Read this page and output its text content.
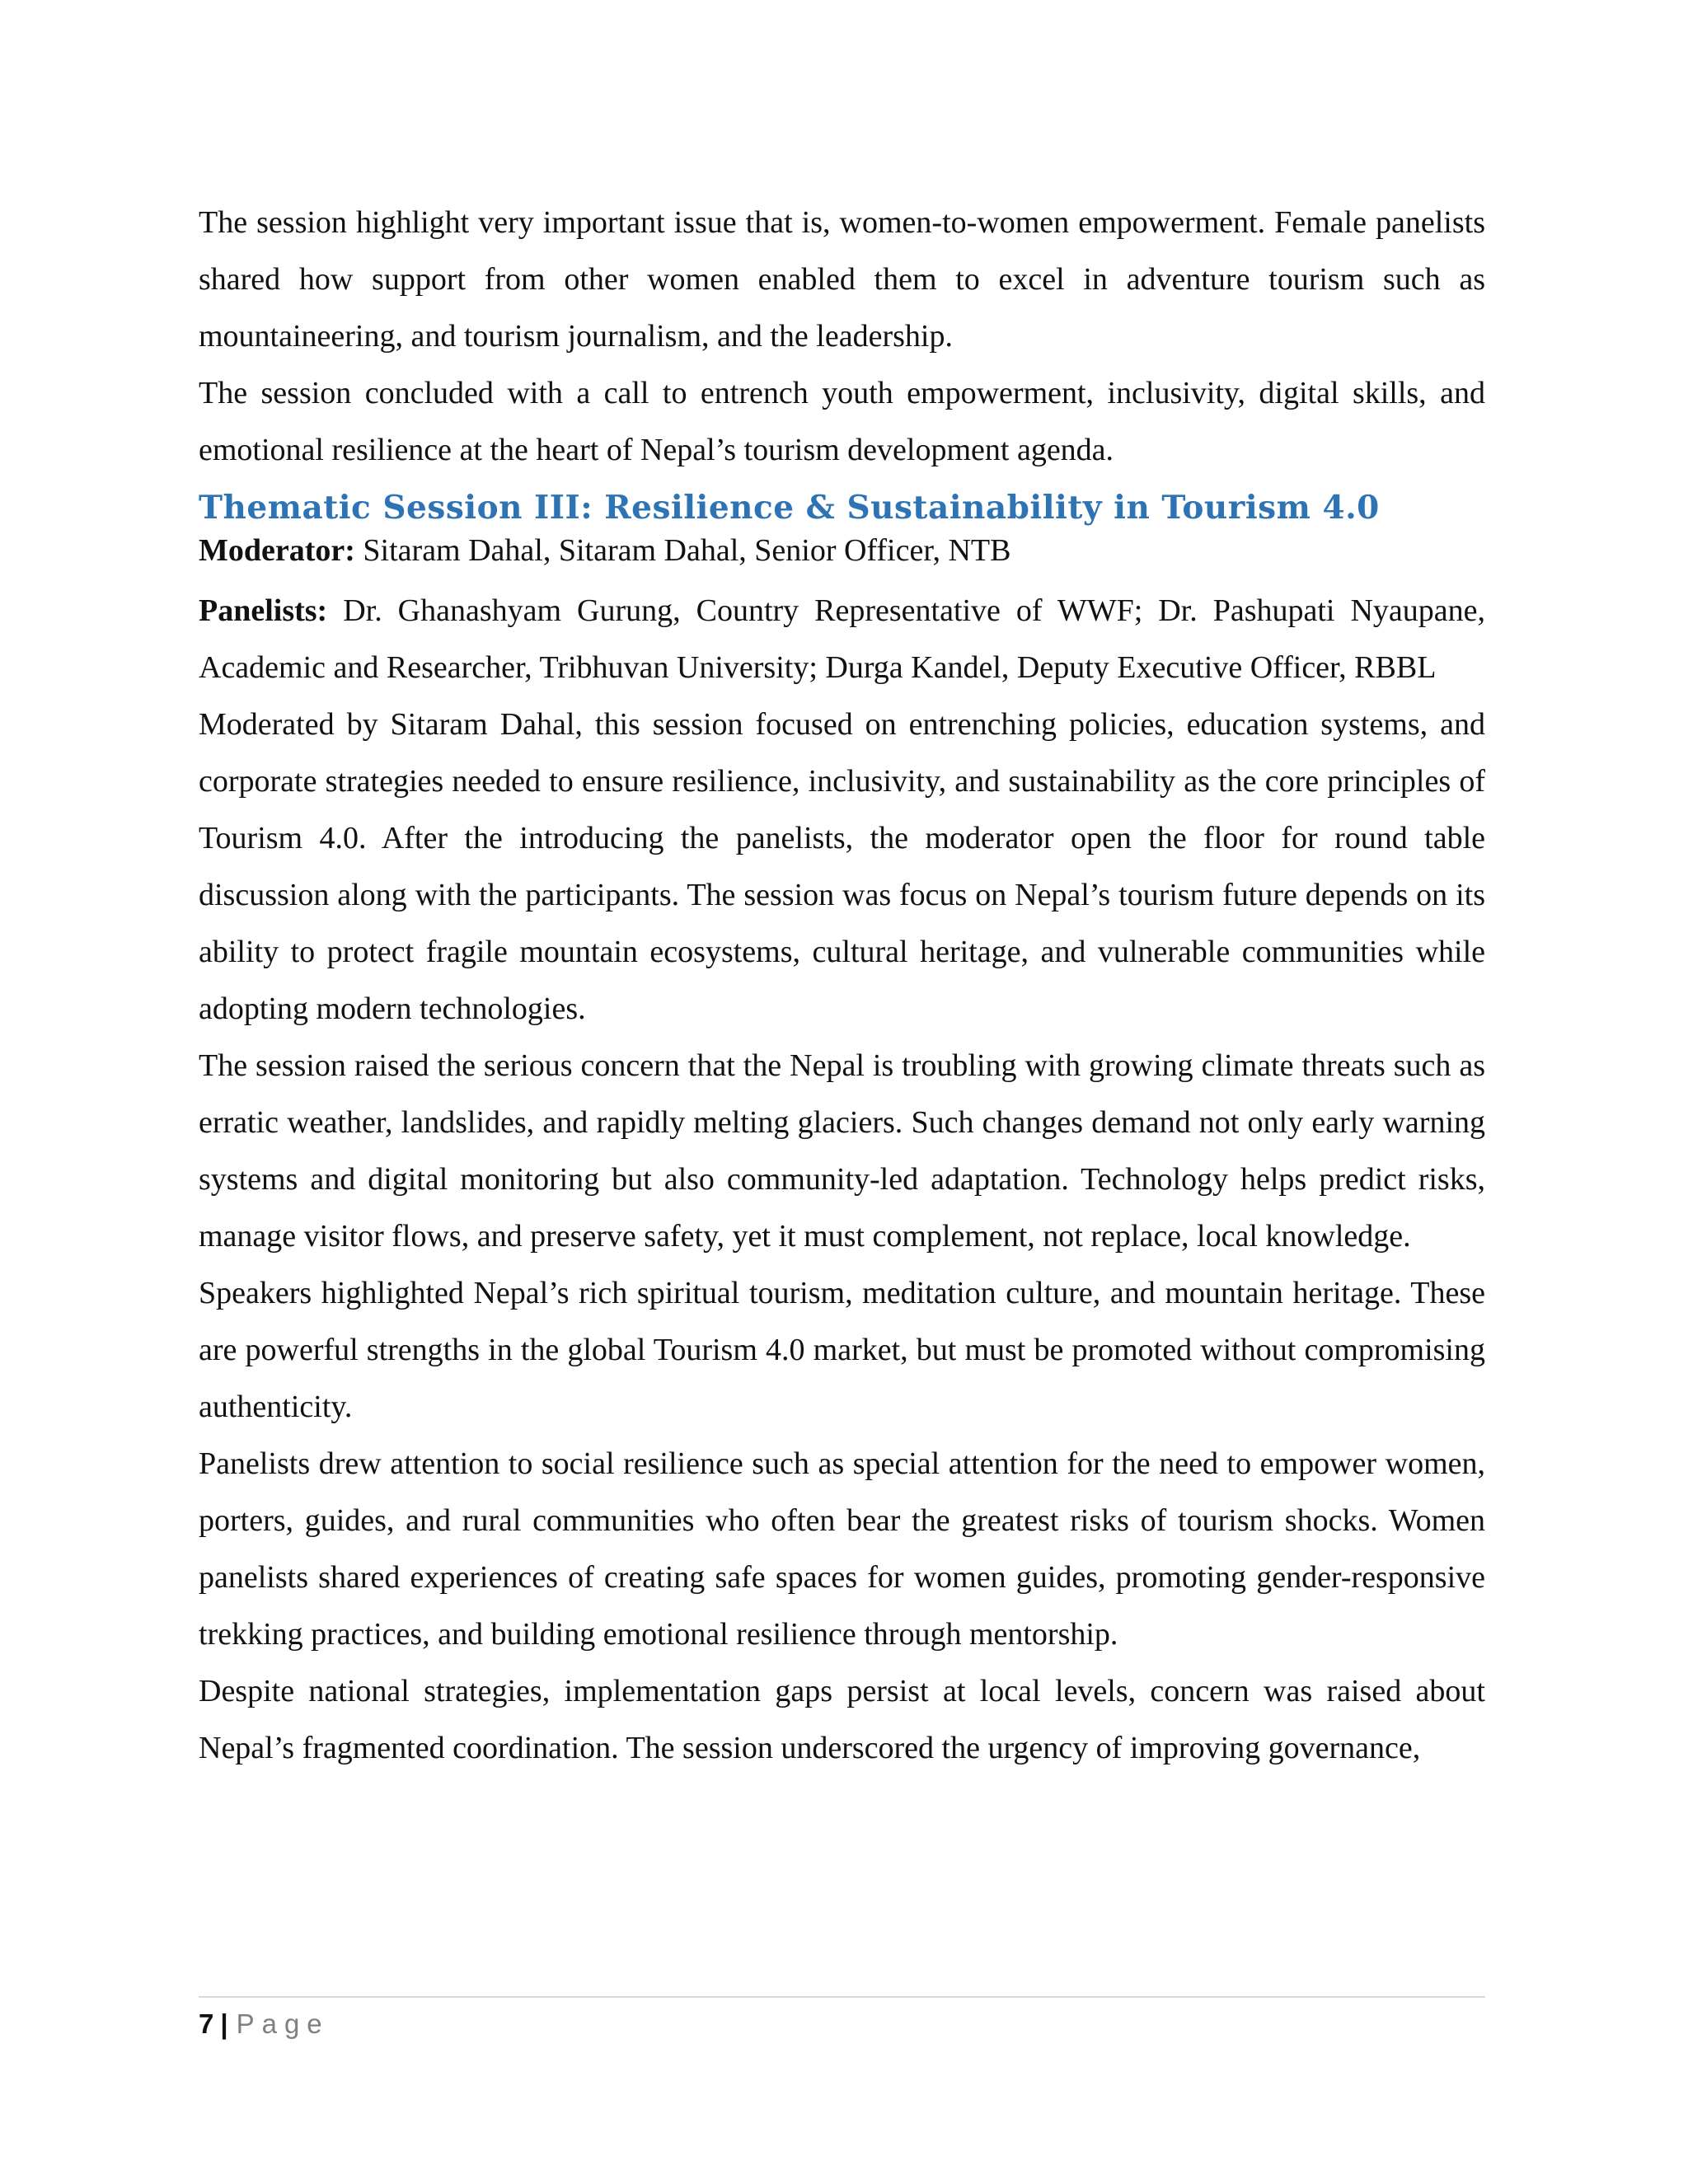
The session highlight very important issue that is, women-to-women empowerment. Female panelists shared how support from other women enabled them to excel in adventure tourism such as mountaineering, and tourism journalism, and the leadership.

The session concluded with a call to entrench youth empowerment, inclusivity, digital skills, and emotional resilience at the heart of Nepal’s tourism development agenda.

Thematic Session III: Resilience & Sustainability in Tourism 4.0

Moderator: Sitaram Dahal, Sitaram Dahal, Senior Officer, NTB

Panelists: Dr. Ghanashyam Gurung, Country Representative of WWF; Dr. Pashupati Nyaupane, Academic and Researcher, Tribhuvan University; Durga Kandel, Deputy Executive Officer, RBBL

Moderated by Sitaram Dahal, this session focused on entrenching policies, education systems, and corporate strategies needed to ensure resilience, inclusivity, and sustainability as the core principles of Tourism 4.0. After the introducing the panelists, the moderator open the floor for round table discussion along with the participants. The session was focus on Nepal’s tourism future depends on its ability to protect fragile mountain ecosystems, cultural heritage, and vulnerable communities while adopting modern technologies.

The session raised the serious concern that the Nepal is troubling with growing climate threats such as erratic weather, landslides, and rapidly melting glaciers. Such changes demand not only early warning systems and digital monitoring but also community-led adaptation. Technology helps predict risks, manage visitor flows, and preserve safety, yet it must complement, not replace, local knowledge.

Speakers highlighted Nepal’s rich spiritual tourism, meditation culture, and mountain heritage. These are powerful strengths in the global Tourism 4.0 market, but must be promoted without compromising authenticity.

Panelists drew attention to social resilience such as special attention for the need to empower women, porters, guides, and rural communities who often bear the greatest risks of tourism shocks. Women panelists shared experiences of creating safe spaces for women guides, promoting gender-responsive trekking practices, and building emotional resilience through mentorship.

Despite national strategies, implementation gaps persist at local levels, concern was raised about Nepal’s fragmented coordination. The session underscored the urgency of improving governance,

7 | Page
